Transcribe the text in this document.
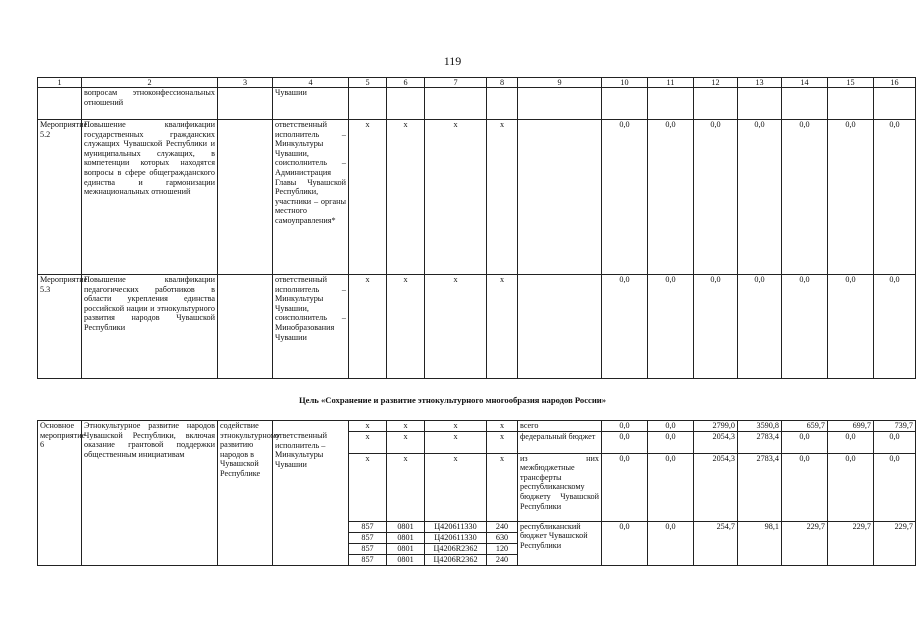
119
1	2	3	4	5	6	7	8	9	10	11	12	13	14	15	16
	вопросам этноконфессиональных отношений		Чувашии												
Мероприятие 5.2	Повышение квалификации государственных гражданских служащих Чувашской Республики и муниципальных служащих, в компетенции которых находятся вопросы в сфере общегражданского единства и гармонизации межнациональных отношений		ответственный исполнитель – Минкультуры Чувашии, соисполнитель – Администрация Главы Чувашской Республики, участники – органы местного самоуправления*	x	x	x	x		0,0	0,0	0,0	0,0	0,0	0,0	0,0
Мероприятие 5.3	Повышение квалификации педагогических работников в области укрепления единства российской нации и этнокультурного развития народов Чувашской Республики		ответственный исполнитель – Минкультуры Чувашии, соисполнитель – Минобразования Чувашии	x	x	x	x		0,0	0,0	0,0	0,0	0,0	0,0	0,0
Цель «Сохранение и развитие этнокультурного многообразия народов России»
Основное мероприятие 6	Этнокультурное развитие народов Чувашской Республики, включая оказание грантовой поддержки общественным инициативам	содействие этнокультурному развитию народов в Чувашской Республике		x	x	x	x	всего	0,0	0,0	2799,0	3590,8	659,7	699,7	739,7
			ответственный исполнитель – Минкультуры Чувашии	x	x	x	x	федеральный бюджет	0,0	0,0	2054,3	2783,4	0,0	0,0	0,0
				x	x	x	x	из них межбюджетные трансферты республиканскому бюджету Чувашской Республики	0,0	0,0	2054,3	2783,4	0,0	0,0	0,0
				857	0801	Ц420611330	240	республиканский бюджет Чувашской Республики	0,0	0,0	254,7	98,1	229,7	229,7	229,7
				857	0801	Ц420611330	630								
				857	0801	Ц4206R2362	120								
				857	0801	Ц4206R2362	240								
